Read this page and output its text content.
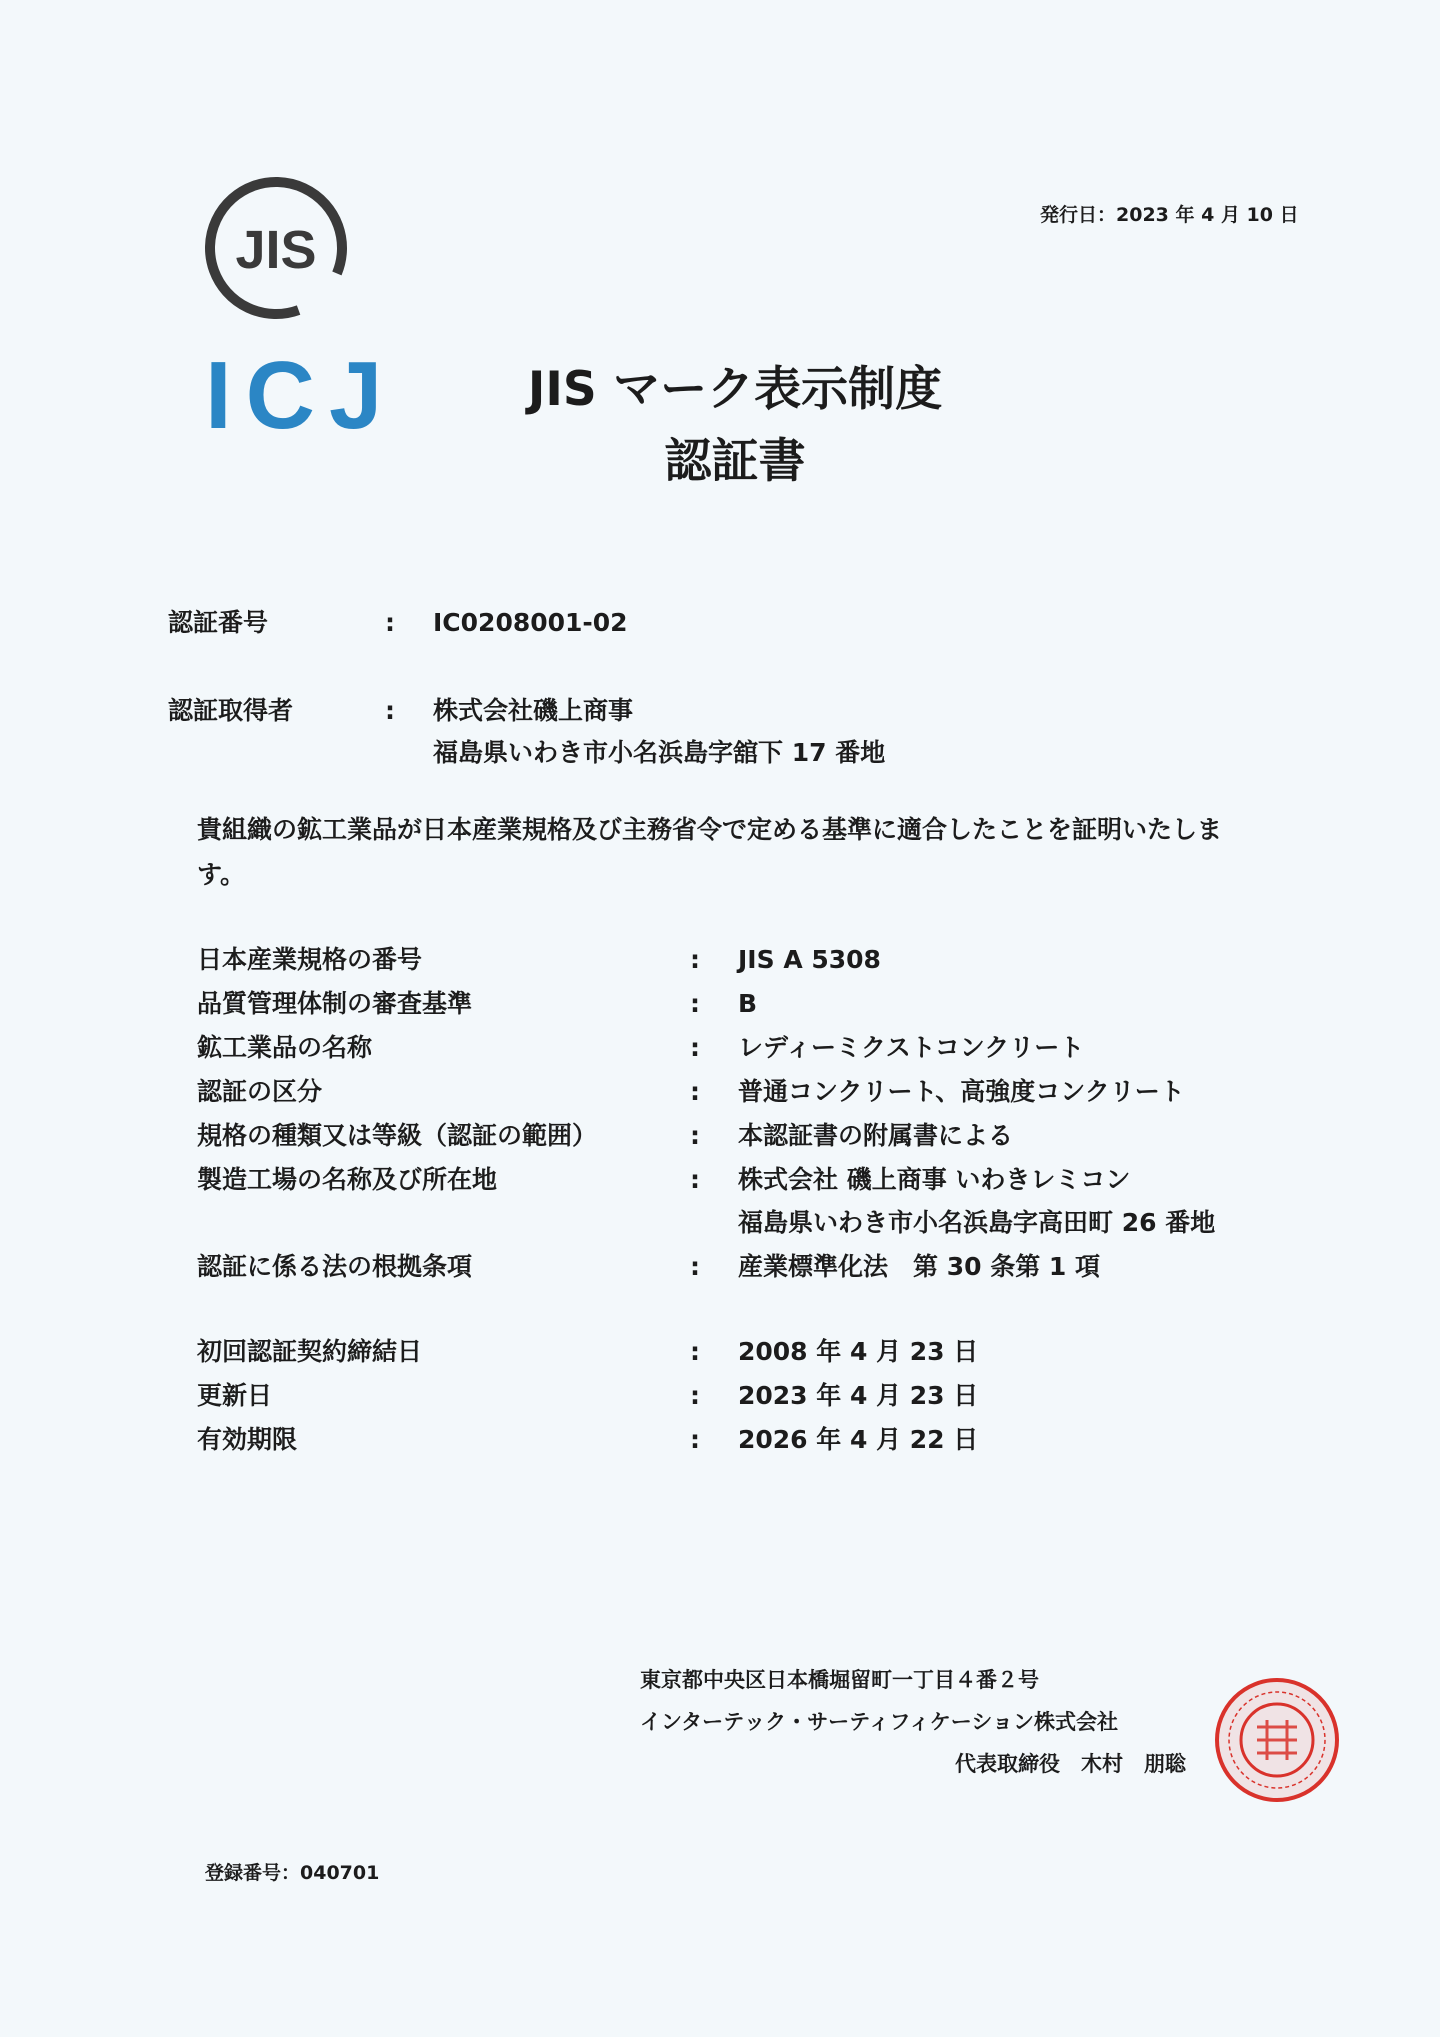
JIS
ICJ
発行日：2023 年 4 月 10 日
JIS マーク表示制度
認証書
認証番号	: IC0208001-02
認証取得者	: 株式会社磯上商事
福島県いわき市小名浜島字舘下 17 番地
貴組織の鉱工業品が日本産業規格及び主務省令で定める基準に適合したことを証明いたします。
日本産業規格の番号	: JIS A 5308
品質管理体制の審査基準	: B
鉱工業品の名称	: レディーミクストコンクリート
認証の区分	: 普通コンクリート、高強度コンクリート
規格の種類又は等級（認証の範囲）	: 本認証書の附属書による
製造工場の名称及び所在地	: 株式会社 磯上商事 いわきレミコン
福島県いわき市小名浜島字高田町 26 番地
認証に係る法の根拠条項	: 産業標準化法　第 30 条第 1 項
初回認証契約締結日	: 2008 年 4 月 23 日
更新日	: 2023 年 4 月 23 日
有効期限	: 2026 年 4 月 22 日
東京都中央区日本橋堀留町一丁目４番２号
インターテック・サーティフィケーション株式会社
代表取締役　木村　朋聡
登録番号：040701
